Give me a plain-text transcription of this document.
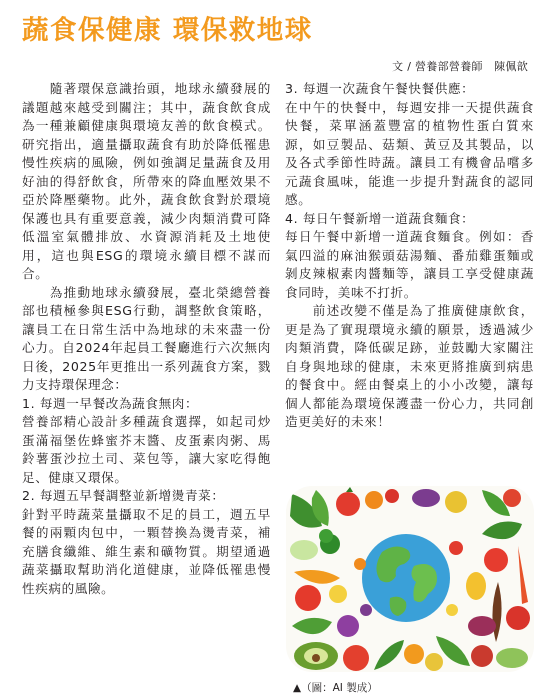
蔬食保健康 環保救地球
文 / 營養部營養師　陳佩歆

隨著環保意識抬頭，地球永續發展的議題越來越受到關注；其中，蔬食飲食成為一種兼顧健康與環境友善的飲食模式。研究指出，適量攝取蔬食有助於降低罹患慢性疾病的風險，例如強調足量蔬食及用好油的得舒飲食，所帶來的降血壓效果不亞於降壓藥物。此外，蔬食飲食對於環境保護也具有重要意義，減少肉類消費可降低溫室氣體排放、水資源消耗及土地使用，這也與ESG的環境永續目標不謀而合。

為推動地球永續發展，臺北榮總營養部也積極參與ESG行動，調整飲食策略，讓員工在日常生活中為地球的未來盡一份心力。自2024年起員工餐廳進行六次無肉日後，2025年更推出一系列蔬食方案，戮力支持環保理念：

1. 每週一早餐改為蔬食無肉：

營養部精心設計多種蔬食選擇，如起司炒蛋滿福堡佐蜂蜜芥末醬、皮蛋素肉粥、馬鈴薯蛋沙拉土司、菜包等，讓大家吃得飽足、健康又環保。

2. 每週五早餐調整並新增燙青菜：

針對平時蔬菜量攝取不足的員工，週五早餐的兩顆肉包中，一顆替換為燙青菜，補充膳食纖維、維生素和礦物質。期望通過蔬菜攝取幫助消化道健康，並降低罹患慢性疾病的風險。

3. 每週一次蔬食午餐快餐供應：

在中午的快餐中，每週安排一天提供蔬食快餐，菜單涵蓋豐富的植物性蛋白質來源，如豆製品、菇類、黃豆及其製品，以及各式季節性時蔬。讓員工有機會品嚐多元蔬食風味，能進一步提升對蔬食的認同感。

4. 每日午餐新增一道蔬食麵食：

每日午餐中新增一道蔬食麵食。例如：香氣四溢的麻油猴頭菇湯麵、番茄雞蛋麵或剝皮辣椒素肉醬麵等，讓員工享受健康蔬食同時，美味不打折。

前述改變不僅是為了推廣健康飲食，更是為了實現環境永續的願景，透過減少肉類消費，降低碳足跡，並鼓勵大家關注自身與地球的健康，未來更將推廣到病患的餐食中。經由餐桌上的小小改變，讓每個人都能為環境保護盡一份心力，共同創造更美好的未來！

▲（圖：AI 製成）
